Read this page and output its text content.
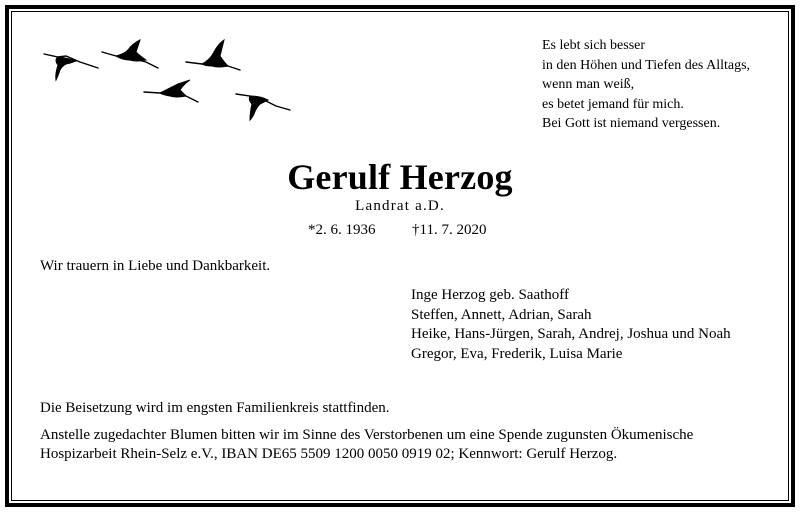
Es lebt sich besser
in den Höhen und Tiefen des Alltags,
wenn man weiß,
es betet jemand für mich.
Bei Gott ist niemand vergessen.
Gerulf Herzog
Landrat a.D.
*2. 6. 1936 †11. 7. 2020
Wir trauern in Liebe und Dankbarkeit.
Inge Herzog geb. Saathoff
Steffen, Annett, Adrian, Sarah
Heike, Hans-Jürgen, Sarah, Andrej, Joshua und Noah
Gregor, Eva, Frederik, Luisa Marie
Die Beisetzung wird im engsten Familienkreis stattfinden.
Anstelle zugedachter Blumen bitten wir im Sinne des Verstorbenen um eine Spende zugunsten Ökumenische
Hospizarbeit Rhein-Selz e.V., IBAN DE65 5509 1200 0050 0919 02; Kennwort: Gerulf Herzog.
